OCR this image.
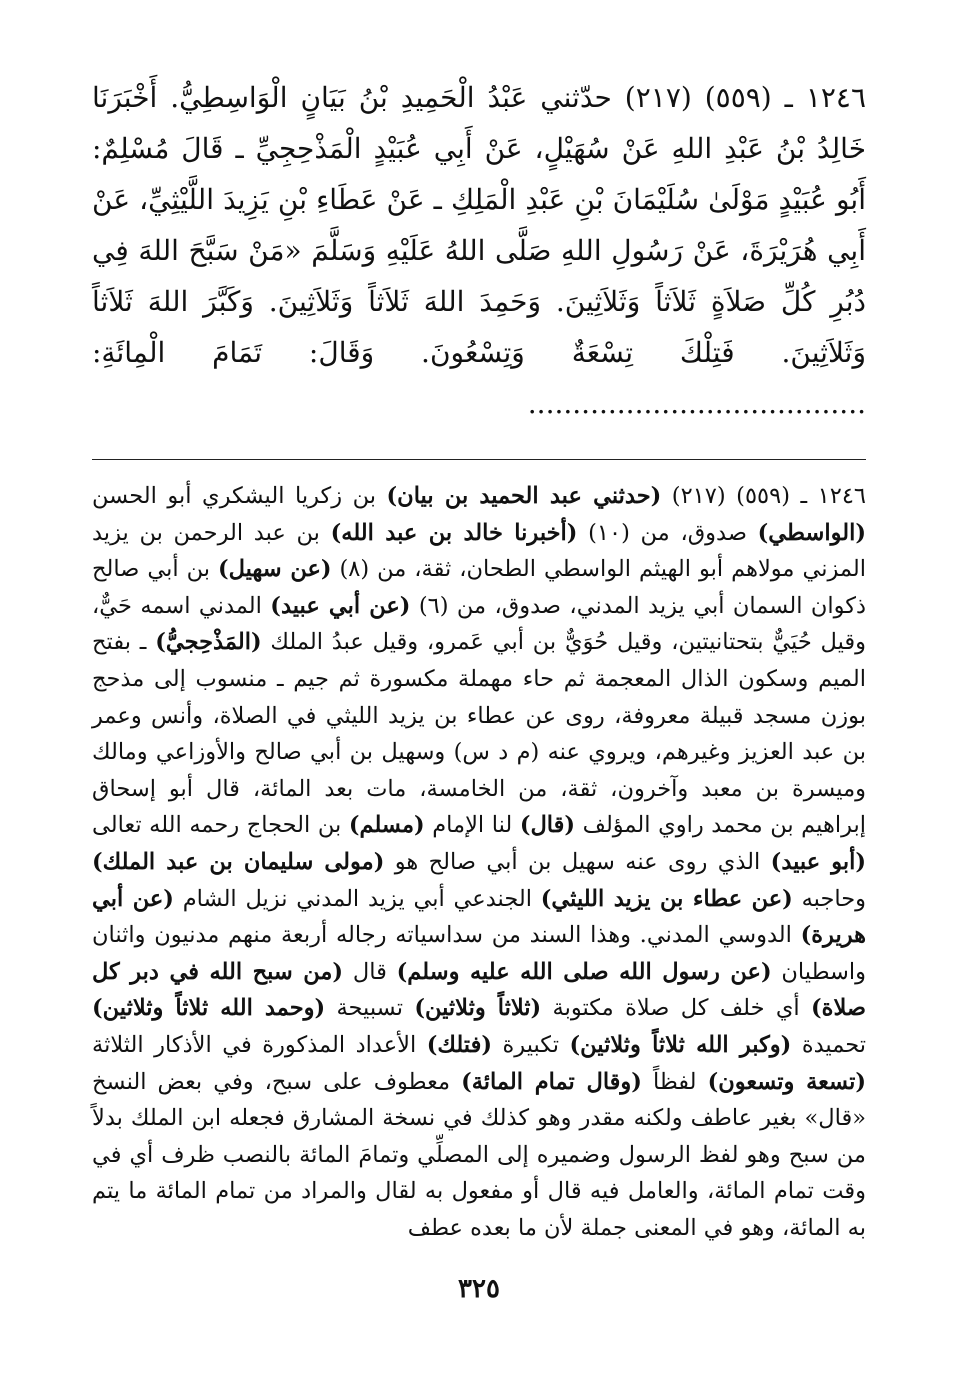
١٢٤٦ ـ (٥٥٩) (٢١٧) حدّثني عَبْدُ الْحَمِيدِ بْنُ بَيَانٍ الْوَاسِطِيُّ. أَخْبَرَنَا خَالِدُ بْنُ عَبْدِ اللهِ عَنْ سُهَيْلٍ، عَنْ أَبِي عُبَيْدٍ الْمَذْحِجِيِّ ـ قَالَ مُسْلِمٌ: أَبُو عُبَيْدٍ مَوْلَىٰ سُلَيْمَانَ بْنِ عَبْدِ الْمَلِكِ ـ عَنْ عَطَاءِ بْنِ يَزِيدَ اللَّيْثِيِّ، عَنْ أَبِي هُرَيْرَةَ، عَنْ رَسُولِ اللهِ صَلَّى اللهُ عَلَيْهِ وَسَلَّمَ «مَنْ سَبَّحَ اللهَ فِي دُبُرِ كُلِّ صَلاَةٍ ثَلاَثاً وَثَلاَثِينَ. وَحَمِدَ اللهَ ثَلاَثاً وَثَلاَثِينَ. وَكَبَّرَ اللهَ ثَلاَثاً وَثَلاَثِينَ. فَتِلْكَ تِسْعَةٌ وَتِسْعُونَ. وَقَالَ: تَمَامَ الْمِائَةِ: ......................................

١٢٤٦ ـ (٥٥٩) (٢١٧) (حدثني عبد الحميد بن بيان) بن زكريا اليشكري أبو الحسن (الواسطي) صدوق، من (١٠) (أخبرنا خالد بن عبد الله) بن عبد الرحمن بن يزيد المزني مولاهم أبو الهيثم الواسطي الطحان، ثقة، من (٨) (عن سهيل) بن أبي صالح ذكوان السمان أبي يزيد المدني، صدوق، من (٦) (عن أبي عبيد) المدني اسمه حَيٌّ، وقيل حُيَيٌّ بتحتانيتين، وقيل حُوَيٌّ بن أبي عَمرو، وقيل عبدُ الملك (المَذْحِجيُّ) ـ بفتح الميم وسكون الذال المعجمة ثم حاء مهملة مكسورة ثم جيم ـ منسوب إلى مذحج بوزن مسجد قبيلة معروفة، روى عن عطاء بن يزيد الليثي في الصلاة، وأنس وعمر بن عبد العزيز وغيرهم، ويروي عنه (م د س) وسهيل بن أبي صالح والأوزاعي ومالك وميسرة بن معبد وآخرون، ثقة، من الخامسة، مات بعد المائة، قال أبو إسحاق إبراهيم بن محمد راوي المؤلف (قال) لنا الإمام (مسلم) بن الحجاج رحمه الله تعالى (أبو عبيد) الذي روى عنه سهيل بن أبي صالح هو (مولى سليمان بن عبد الملك) وحاجبه (عن عطاء بن يزيد الليثي) الجندعي أبي يزيد المدني نزيل الشام (عن أبي هريرة) الدوسي المدني. وهذا السند من سداسياته رجاله أربعة منهم مدنيون واثنان واسطيان (عن رسول الله صلى الله عليه وسلم) قال (من سبح الله في دبر كل صلاة) أي خلف كل صلاة مكتوبة (ثلاثاً وثلاثين) تسبيحة (وحمد الله ثلاثاً وثلاثين) تحميدة (وكبر الله ثلاثاً وثلاثين) تكبيرة (فتلك) الأعداد المذكورة في الأذكار الثلاثة (تسعة وتسعون) لفظاً (وقال تمام المائة) معطوف على سبح، وفي بعض النسخ «قال» بغير عاطف ولكنه مقدر وهو كذلك في نسخة المشارق فجعله ابن الملك بدلاً من سبح وهو لفظ الرسول وضميره إلى المصلِّي وتمامَ المائة بالنصب ظرف أي في وقت تمام المائة، والعامل فيه قال أو مفعول به لقال والمراد من تمام المائة ما يتم به المائة، وهو في المعنى جملة لأن ما بعده عطف

٣٢٥
